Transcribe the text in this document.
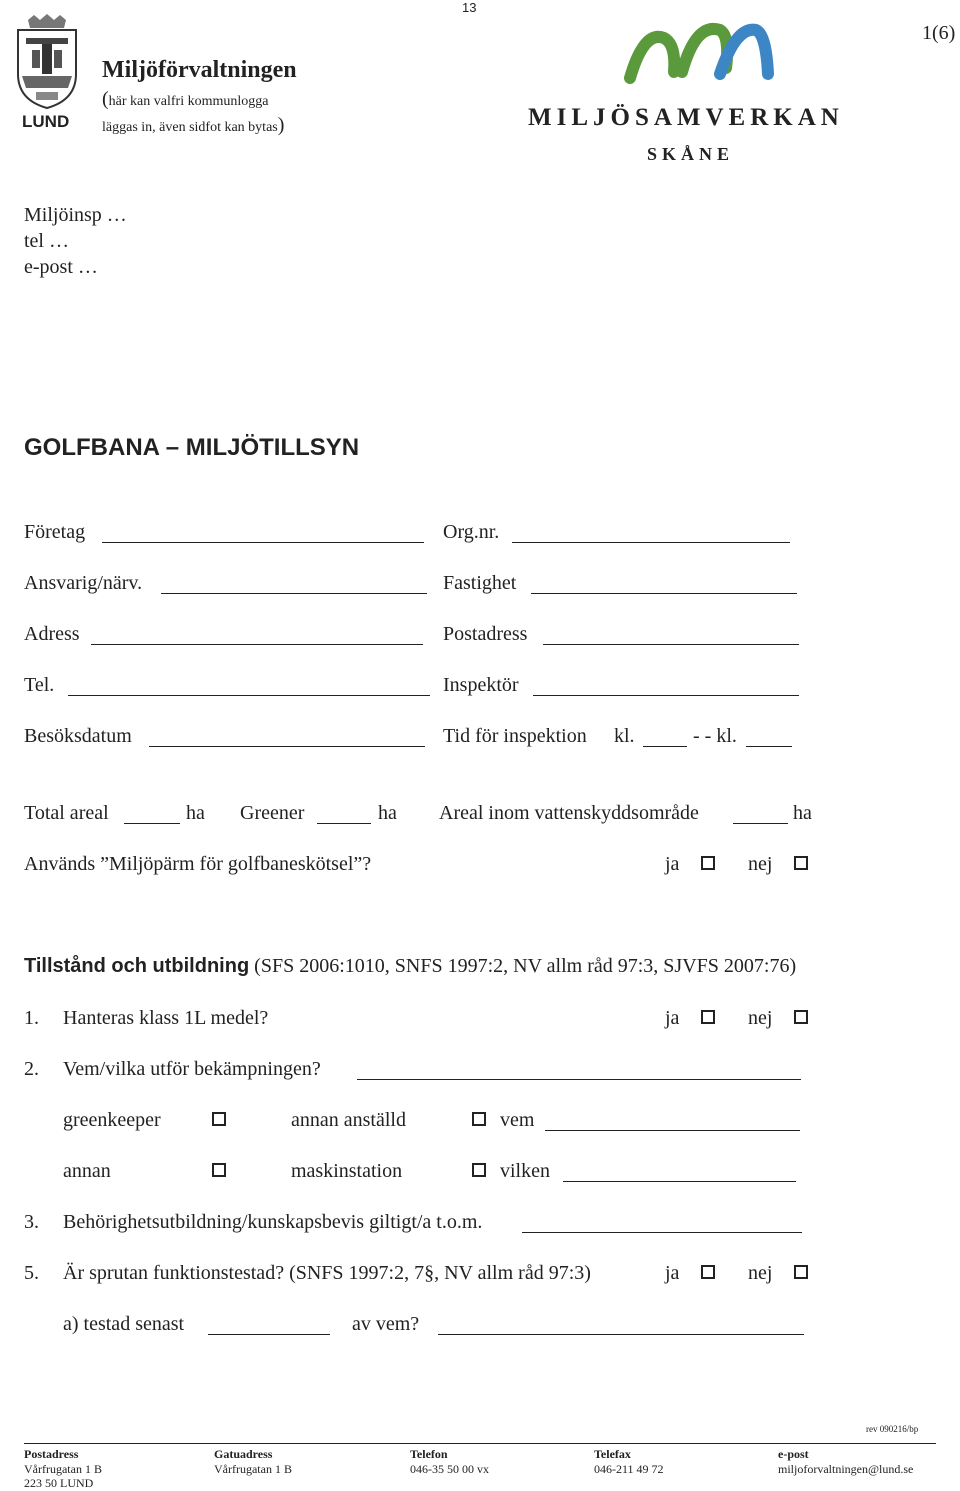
13
1(6)
LUND
Miljöförvaltningen
(här kan valfri kommunlogga
läggas in, även sidfot kan bytas)	MILJÖSAMVERKAN
SKÅNE
Miljöinsp …
tel …
e-post …
GOLFBANA – MILJÖTILLSYN
Företag	Org.nr.
Ansvarig/närv.	Fastighet
Adress	Postadress
Tel.	Inspektör
Besöksdatum	Tid för inspektion kl.	- - kl.
Total areal	ha Greener	ha Areal inom vattenskyddsområde	ha
Används ”Miljöpärm för golfbaneskötsel”?	ja	nej
Tillstånd och utbildning (SFS 2006:1010, SNFS 1997:2, NV allm råd 97:3, SJVFS 2007:76)
1. Hanteras klass 1L medel?	ja	nej
2. Vem/vilka utför bekämpningen?
greenkeeper	annan anställd	vem
annan	maskinstation	vilken
3. Behörighetsutbildning/kunskapsbevis giltigt/a t.o.m.
5. Är sprutan funktionstestad? (SNFS 1997:2, 7§, NV allm råd 97:3)	ja	nej
a) testad senast	av vem?
rev 090216/bp
Postadress
Vårfrugatan 1 B
223 50 LUND
Gatuadress
Vårfrugatan 1 B
Telefon
046-35 50 00 vx
Telefax
046-211 49 72
e-post
miljoforvaltningen@lund.se
